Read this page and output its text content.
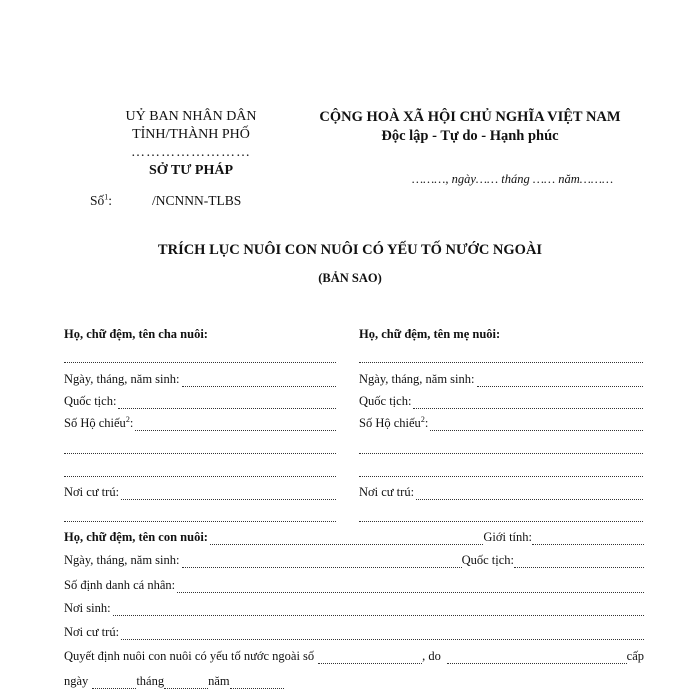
UỶ BAN NHÂN DÂN
TỈNH/THÀNH PHỐ
……………………
SỞ TƯ PHÁP
CỘNG HOÀ XÃ HỘI CHỦ NGHĨA VIỆT NAM
Độc lập - Tự do - Hạnh phúc
………, ngày…… tháng …… năm………
Số$^1$:	/NCNNN-TLBS
TRÍCH LỤC NUÔI CON NUÔI CÓ YẾU TỐ NƯỚC NGOÀI
(BẢN SAO)
Họ, chữ đệm, tên cha nuôi:
Ngày, tháng, năm sinh:
Quốc tịch:
Số Hộ chiếu$^2$:
Nơi cư trú:
Họ, chữ đệm, tên mẹ nuôi:
Ngày, tháng, năm sinh:
Quốc tịch:
Số Hộ chiếu$^2$:
Nơi cư trú:
Họ, chữ đệm, tên con nuôi:	Giới tính:
Ngày, tháng, năm sinh:	Quốc tịch:
Số định danh cá nhân:
Nơi sinh:
Nơi cư trú:
Quyết định nuôi con nuôi có yếu tố nước ngoài số	, do	cấp
ngày	tháng	năm
